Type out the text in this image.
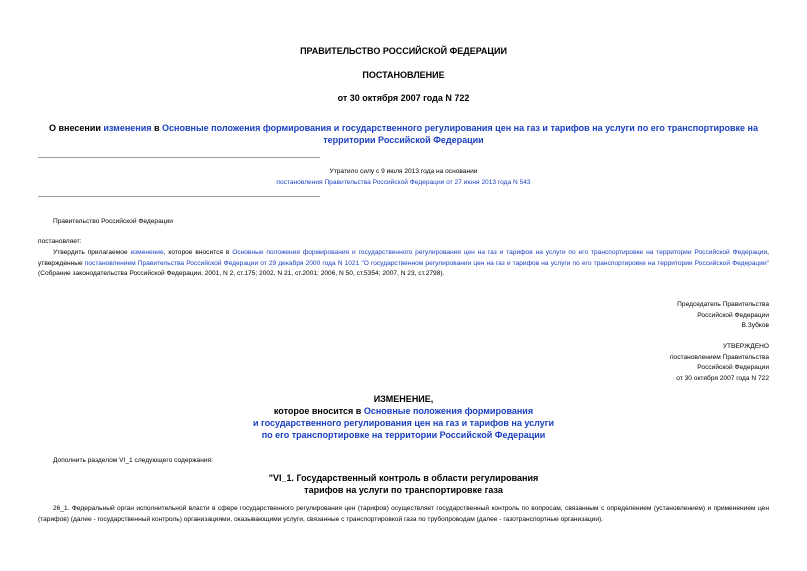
ПРАВИТЕЛЬСТВО РОССИЙСКОЙ ФЕДЕРАЦИИ
ПОСТАНОВЛЕНИЕ
от 30 октября 2007 года N 722
О внесении изменения в Основные положения формирования и государственного регулирования цен на газ и тарифов на услуги по его транспортировке на территории Российской Федерации
Утратило силу с 9 июля 2013 года на основании
постановления Правительства Российской Федерации от 27 июня 2013 года N 543
Правительство Российской Федерации
постановляет:
Утвердить прилагаемое изменение, которое вносится в Основные положения формирования и государственного регулирования цен на газ и тарифов на услуги по его транспортировке на территории Российской Федерации, утвержденные постановлением Правительства Российской Федерации от 29 декабря 2000 года N 1021 "О государственном регулировании цен на газ и тарифов на услуги по его транспортировке на территории Российской Федерации" (Собрание законодательства Российской Федерации, 2001, N 2, ст.175; 2002, N 21, ст.2001; 2006, N 50, ст.5354; 2007, N 23, ст.2798).
Председатель Правительства
Российской Федерации
В.Зубков
УТВЕРЖДЕНО
постановлением Правительства
Российской Федерации
от 30 октября 2007 года N 722
ИЗМЕНЕНИЕ,
которое вносится в Основные положения формирования
и государственного регулирования цен на газ и тарифов на услуги
по его транспортировке на территории Российской Федерации
Дополнить разделом VI_1 следующего содержания:
"VI_1. Государственный контроль в области регулирования
тарифов на услуги по транспортировке газа
26_1. Федеральный орган исполнительной власти в сфере государственного регулирования цен (тарифов) осуществляет государственный контроль по вопросам, связанным с определением (установлением) и применением цен (тарифов) (далее - государственный контроль) организациями, оказывающими услуги, связанные с транспортировкой газа по трубопроводам (далее - газотранспортные организации).
